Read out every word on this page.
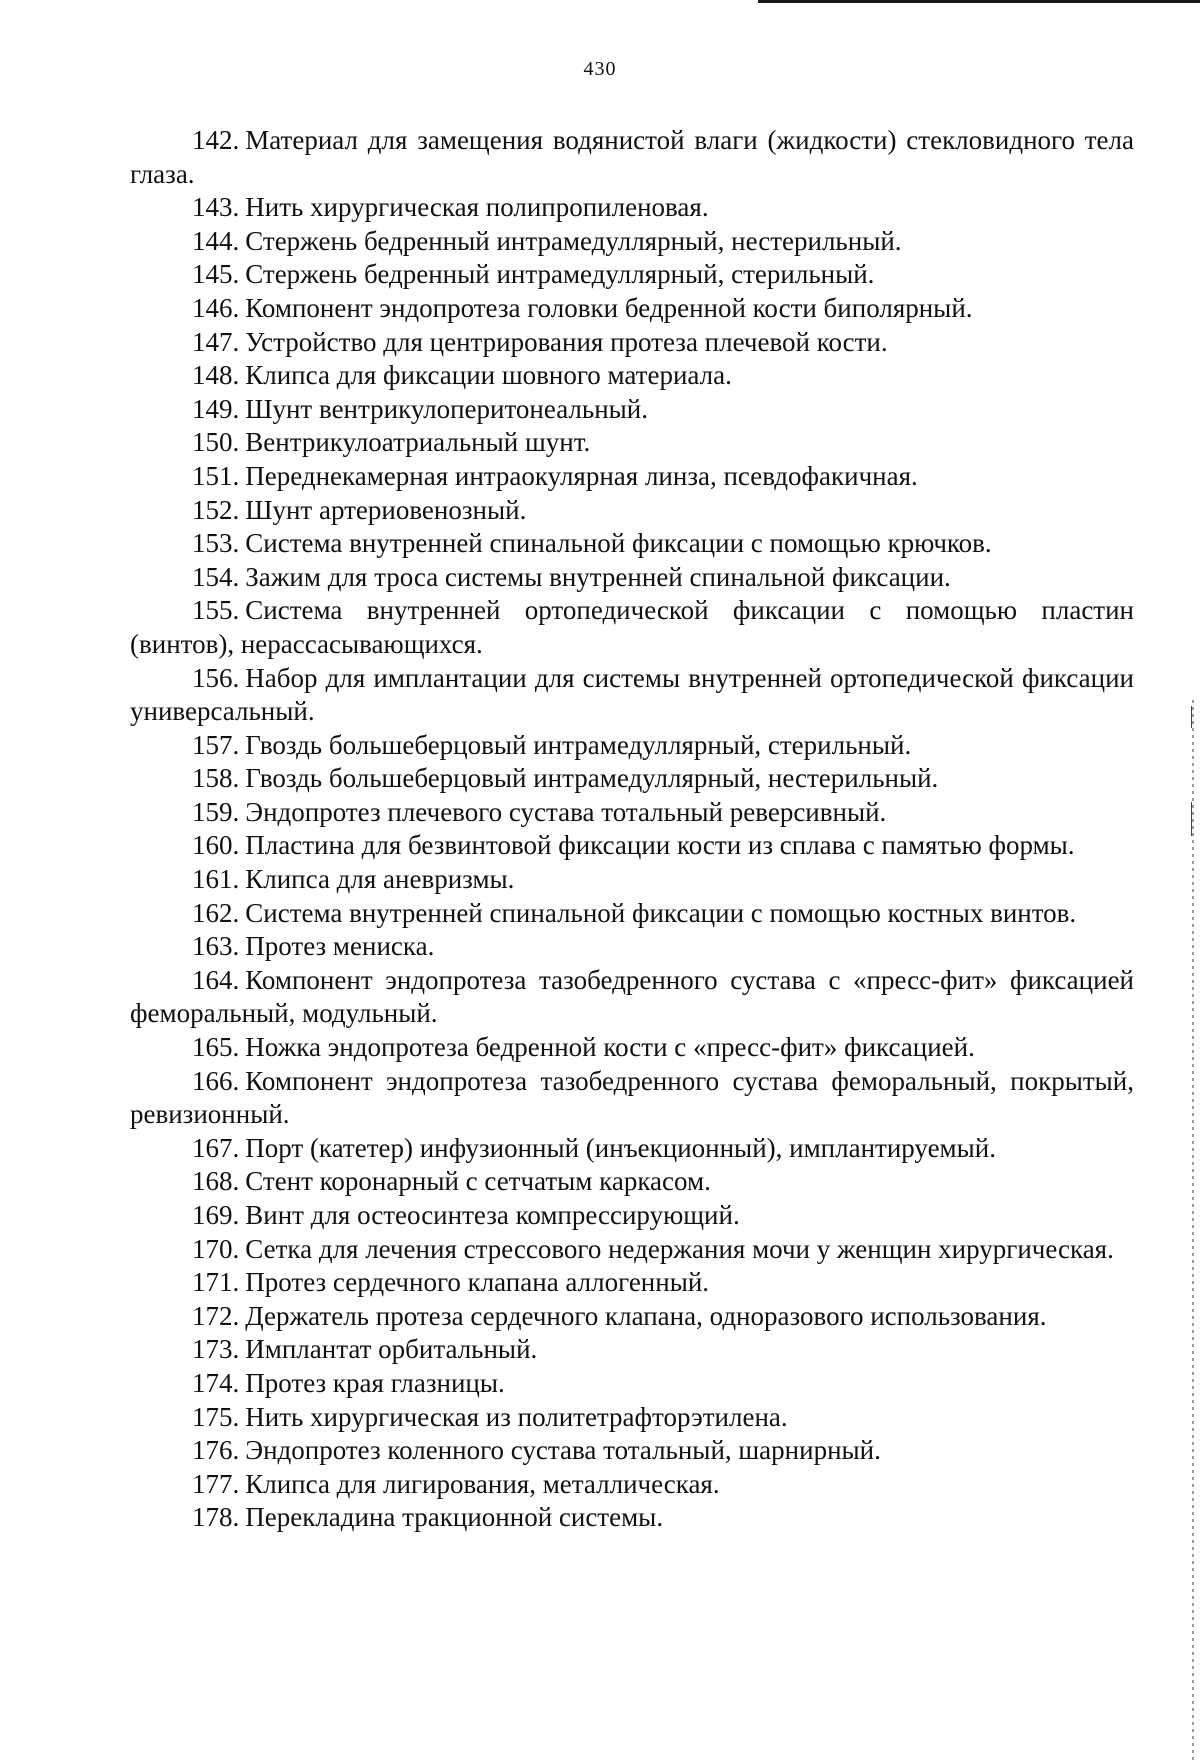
430

142. Материал для замещения водянистой влаги (жидкости) стекловидного тела глаза.

143. Нить хирургическая полипропиленовая.

144. Стержень бедренный интрамедуллярный, нестерильный.

145. Стержень бедренный интрамедуллярный, стерильный.

146. Компонент эндопротеза головки бедренной кости биполярный.

147. Устройство для центрирования протеза плечевой кости.

148. Клипса для фиксации шовного материала.

149. Шунт вентрикулоперитонеальный.

150. Вентрикулоатриальный шунт.

151. Переднекамерная интраокулярная линза, псевдофакичная.

152. Шунт артериовенозный.

153. Система внутренней спинальной фиксации с помощью крючков.

154. Зажим для троса системы внутренней спинальной фиксации.

155. Система внутренней ортопедической фиксации с помощью пластин (винтов), нерассасывающихся.

156. Набор для имплантации для системы внутренней ортопедической фиксации универсальный.

157. Гвоздь большеберцовый интрамедуллярный, стерильный.

158. Гвоздь большеберцовый интрамедуллярный, нестерильный.

159. Эндопротез плечевого сустава тотальный реверсивный.

160. Пластина для безвинтовой фиксации кости из сплава с памятью формы.

161. Клипса для аневризмы.

162. Система внутренней спинальной фиксации с помощью костных винтов.

163. Протез мениска.

164. Компонент эндопротеза тазобедренного сустава с «пресс-фит» фиксацией феморальный, модульный.

165. Ножка эндопротеза бедренной кости с «пресс-фит» фиксацией.

166. Компонент эндопротеза тазобедренного сустава феморальный, покрытый, ревизионный.

167. Порт (катетер) инфузионный (инъекционный), имплантируемый.

168. Стент коронарный с сетчатым каркасом.

169. Винт для остеосинтеза компрессирующий.

170. Сетка для лечения стрессового недержания мочи у женщин хирургическая.

171. Протез сердечного клапана аллогенный.

172. Держатель протеза сердечного клапана, одноразового использования.

173. Имплантат орбитальный.

174. Протез края глазницы.

175. Нить хирургическая из политетрафторэтилена.

176. Эндопротез коленного сустава тотальный, шарнирный.

177. Клипса для лигирования, металлическая.

178. Перекладина тракционной системы.
